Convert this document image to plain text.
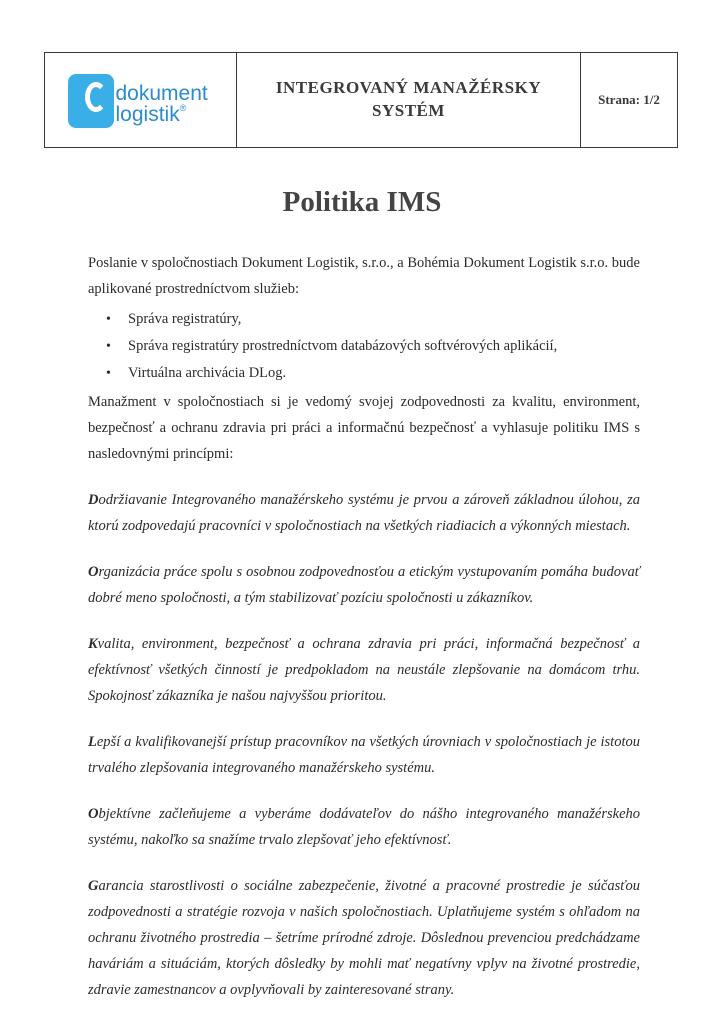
dokument
logistik®
INTEGROVANÝ MANAŽÉRSKY
SYSTÉM
Strana: 1/2
Politika IMS

Poslanie v spoločnostiach Dokument Logistik, s.r.o., a Bohémia Dokument Logistik s.r.o. bude aplikované prostredníctvom služieb:

• Správa registratúry,
• Správa registratúry prostredníctvom databázových softvérových aplikácií,
• Virtuálna archivácia DLog.

Manažment v spoločnostiach si je vedomý svojej zodpovednosti za kvalitu, environment, bezpečnosť a ochranu zdravia pri práci a informačnú bezpečnosť a vyhlasuje politiku IMS s nasledovnými princípmi:

Dodržiavanie Integrovaného manažérskeho systému je prvou a zároveň základnou úlohou, za ktorú zodpovedajú pracovníci v spoločnostiach na všetkých riadiacich a výkonných miestach.

Organizácia práce spolu s osobnou zodpovednosťou a etickým vystupovaním pomáha budovať dobré meno spoločnosti, a tým stabilizovať pozíciu spoločnosti u zákazníkov.

Kvalita, environment, bezpečnosť a ochrana zdravia pri práci, informačná bezpečnosť a efektívnosť všetkých činností je predpokladom na neustále zlepšovanie na domácom trhu. Spokojnosť zákazníka je našou najvyššou prioritou.

Lepší a kvalifikovanejší prístup pracovníkov na všetkých úrovniach v spoločnostiach je istotou trvalého zlepšovania integrovaného manažérskeho systému.

Objektívne začleňujeme a vyberáme dodávateľov do nášho integrovaného manažérskeho systému, nakoľko sa snažíme trvalo zlepšovať jeho efektívnosť.

Garancia starostlivosti o sociálne zabezpečenie, životné a pracovné prostredie je súčasťou zodpovednosti a stratégie rozvoja v našich spoločnostiach. Uplatňujeme systém s ohľadom na ochranu životného prostredia – šetríme prírodné zdroje. Dôslednou prevenciou predchádzame haváriám a situáciám, ktorých dôsledky by mohli mať negatívny vplyv na životné prostredie, zdravie zamestnancov a ovplyvňovali by zainteresované strany.
